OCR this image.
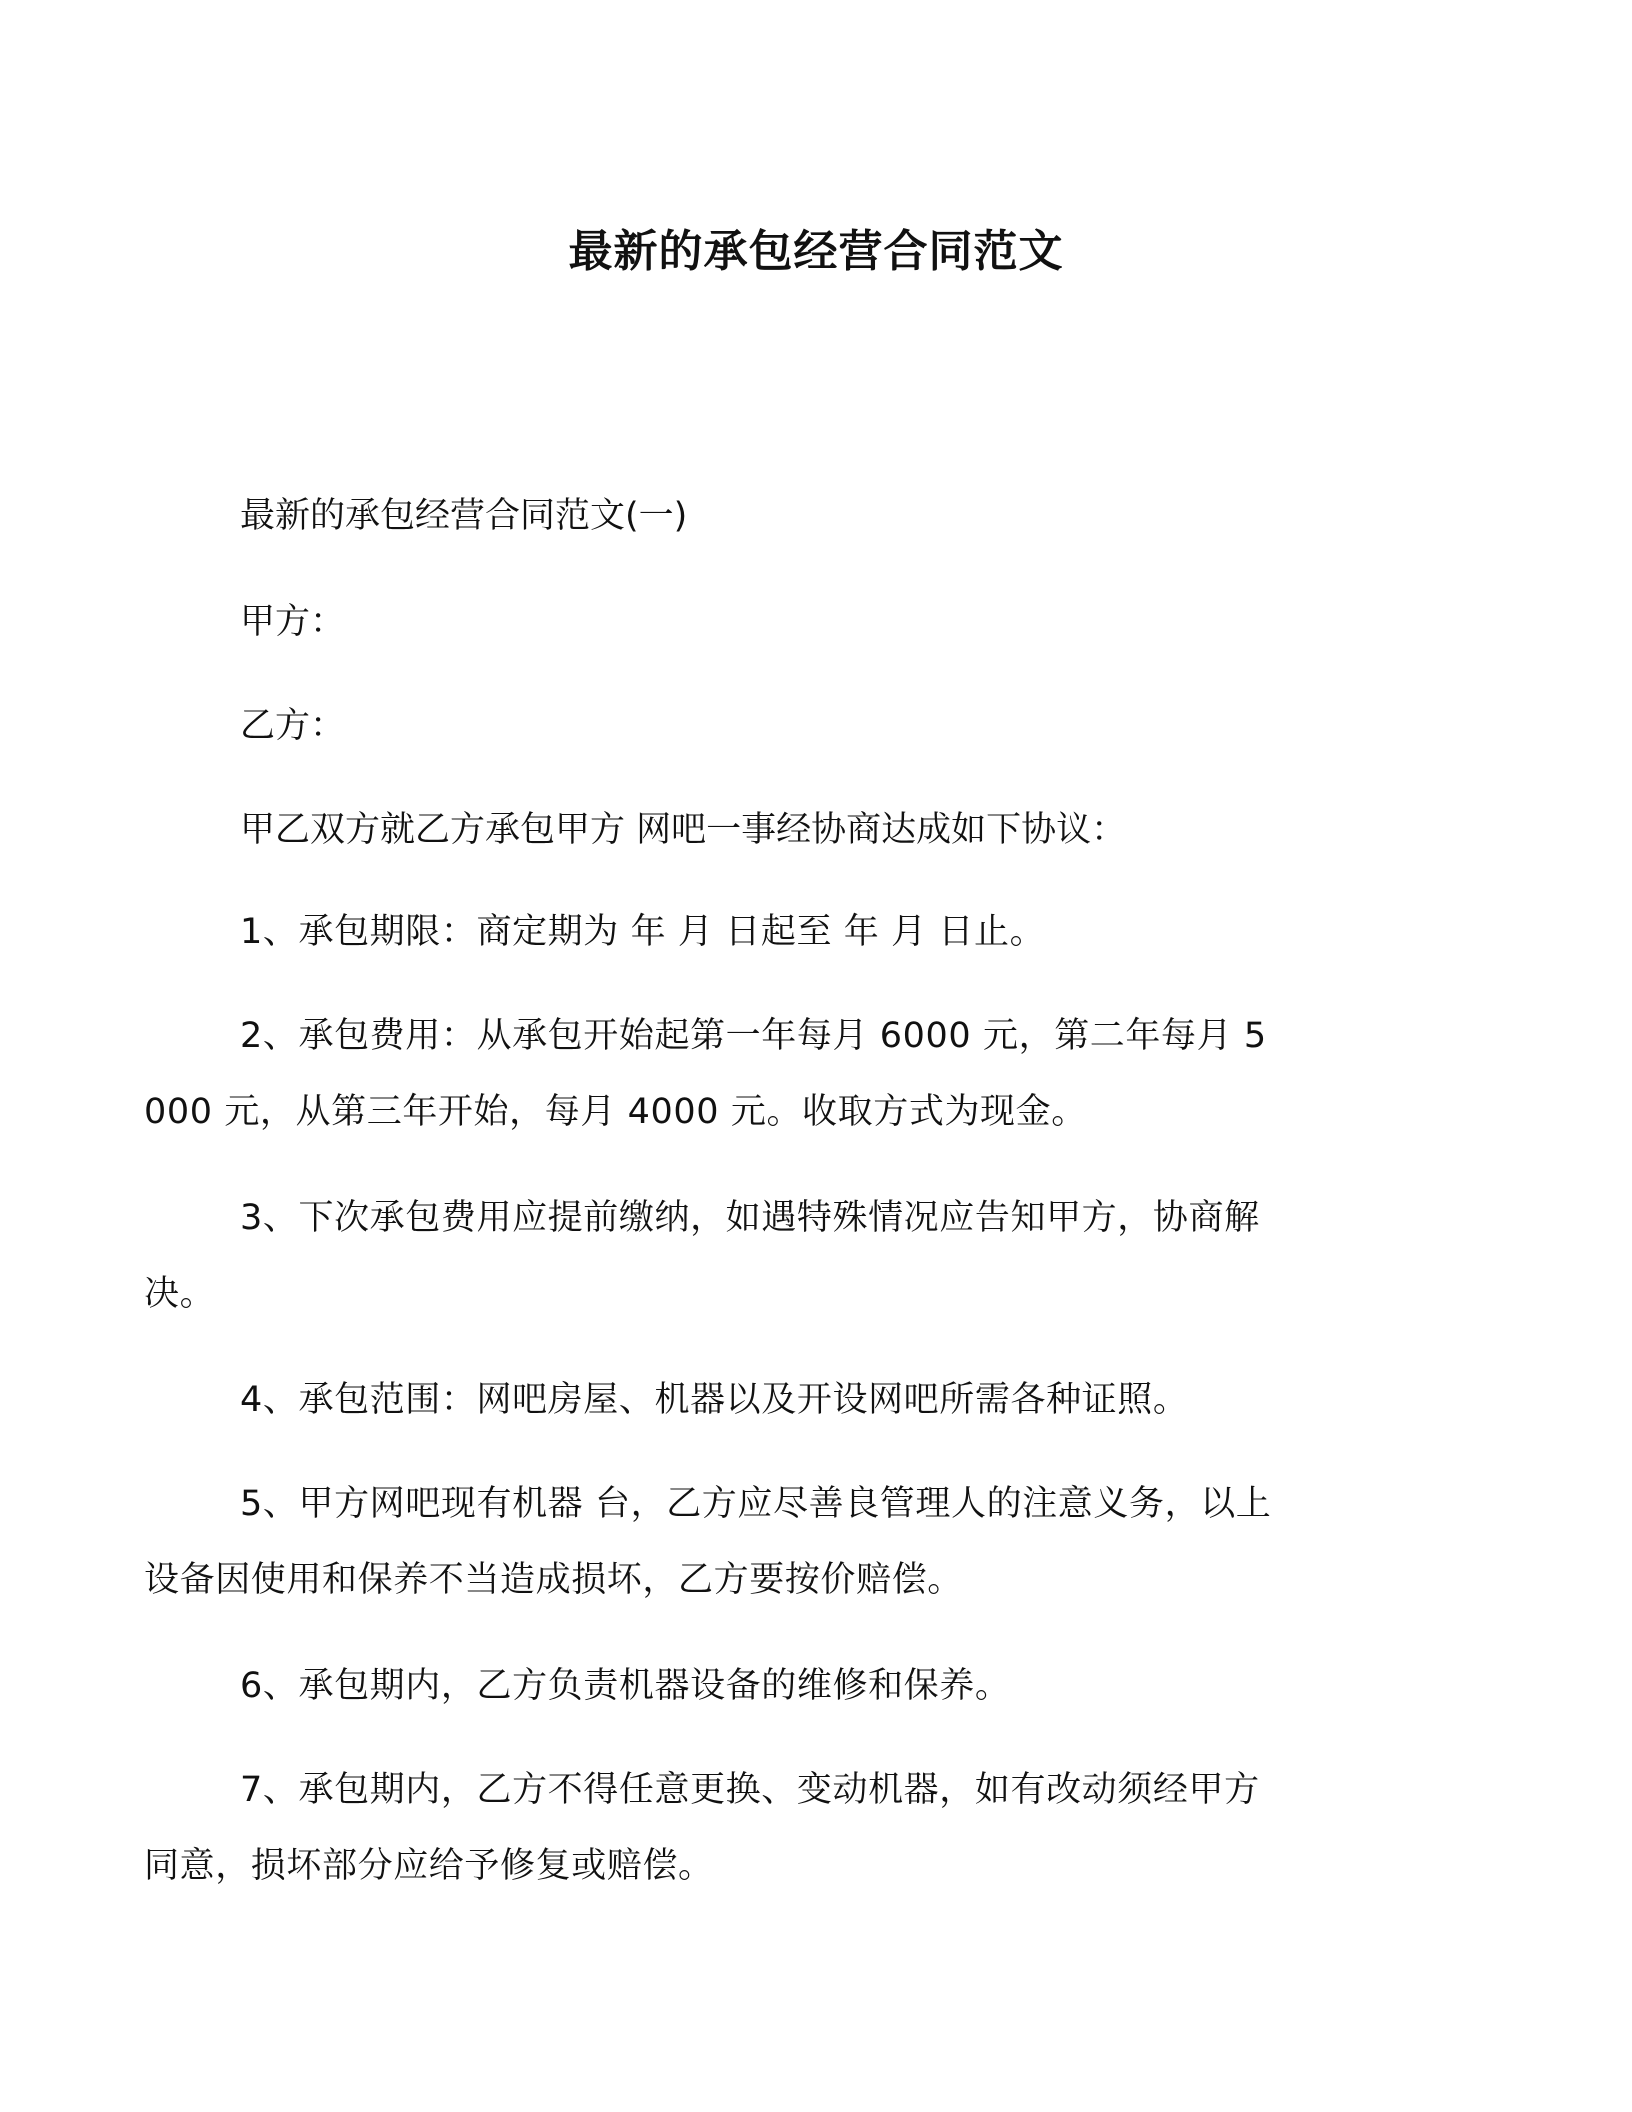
最新的承包经营合同范文
最新的承包经营合同范文(一)
甲方：
乙方：
甲乙双方就乙方承包甲方 网吧一事经协商达成如下协议：
1、承包期限：商定期为 年 月 日起至 年 月 日止。
2、承包费用：从承包开始起第一年每月 6000 元，第二年每月 5000 元，从第三年开始，每月 4000 元。收取方式为现金。
3、下次承包费用应提前缴纳，如遇特殊情况应告知甲方，协商解决。
4、承包范围：网吧房屋、机器以及开设网吧所需各种证照。
5、甲方网吧现有机器 台，乙方应尽善良管理人的注意义务，以上设备因使用和保养不当造成损坏，乙方要按价赔偿。
6、承包期内，乙方负责机器设备的维修和保养。
7、承包期内，乙方不得任意更换、变动机器，如有改动须经甲方同意，损坏部分应给予修复或赔偿。
